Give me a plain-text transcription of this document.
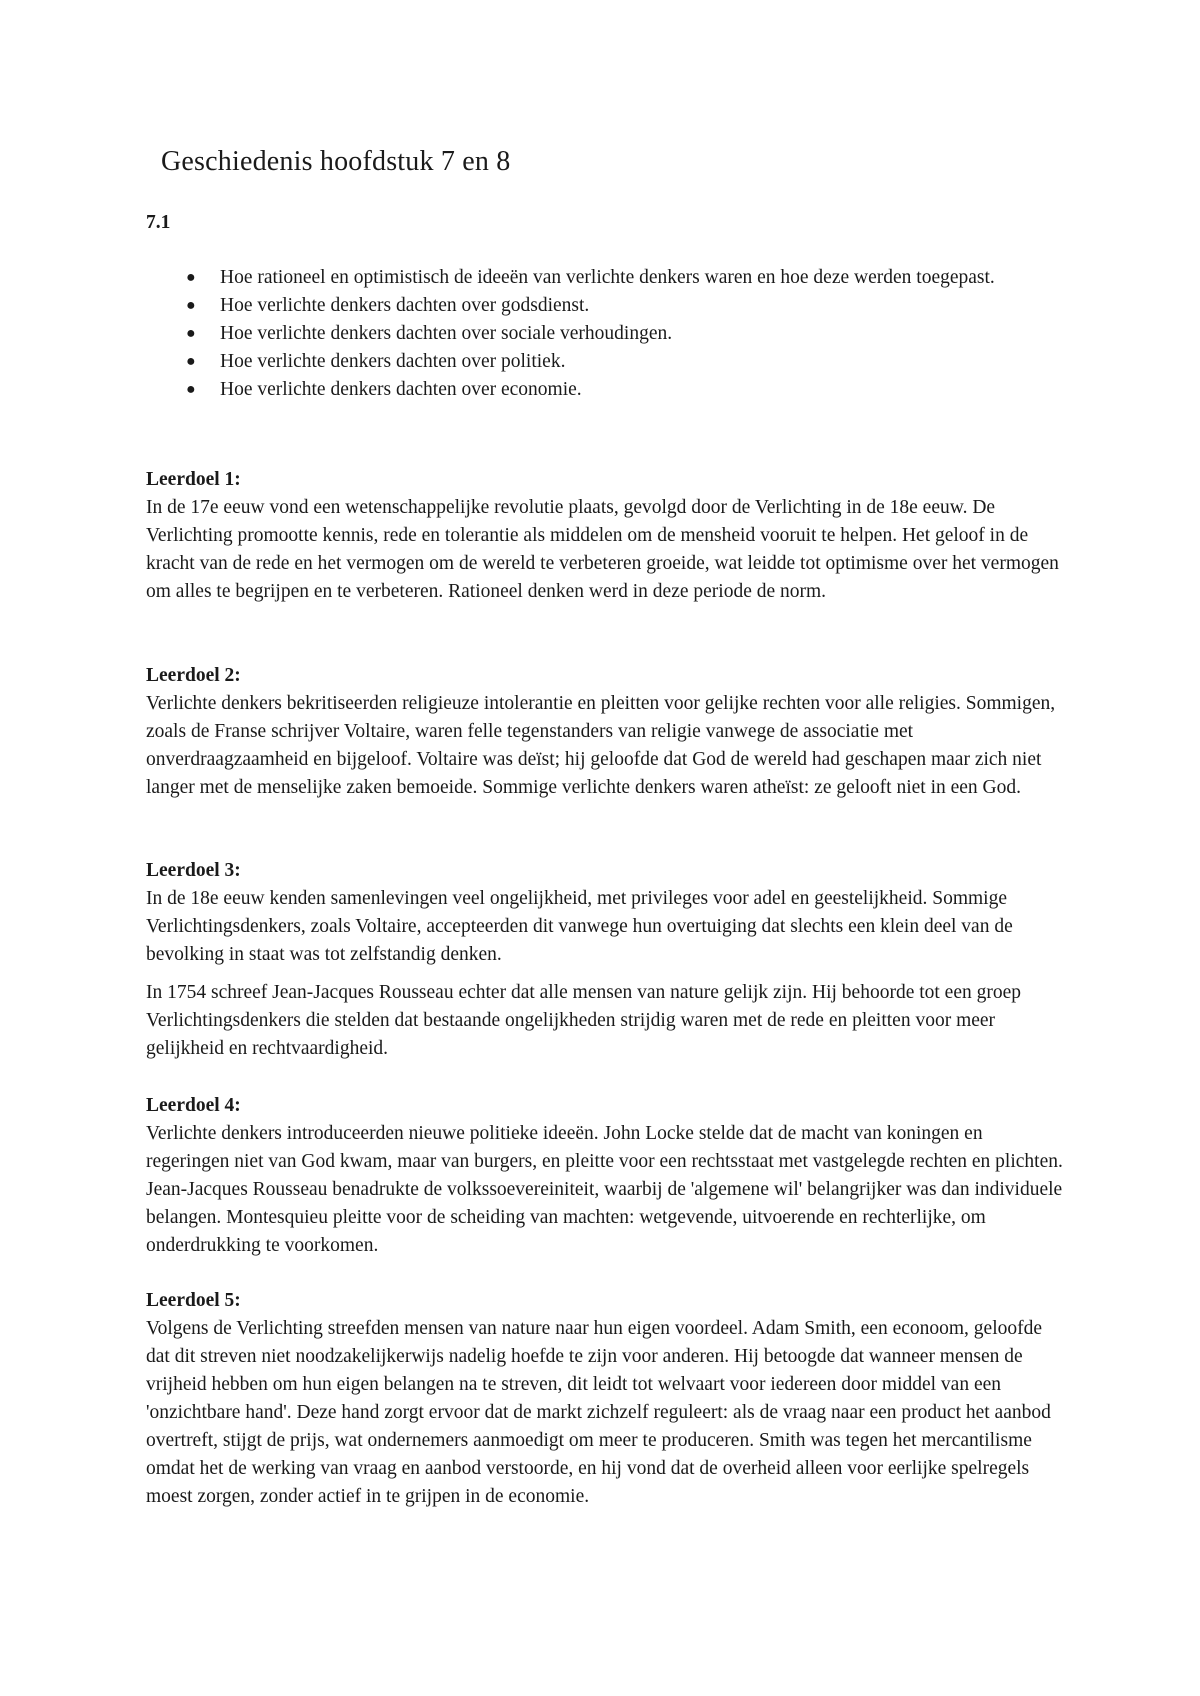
Geschiedenis hoofdstuk 7 en 8
7.1
● Hoe rationeel en optimistisch de ideeën van verlichte denkers waren en hoe deze werden toegepast.
● Hoe verlichte denkers dachten over godsdienst.
● Hoe verlichte denkers dachten over sociale verhoudingen.
● Hoe verlichte denkers dachten over politiek.
● Hoe verlichte denkers dachten over economie.
Leerdoel 1:

In de 17e eeuw vond een wetenschappelijke revolutie plaats, gevolgd door de Verlichting in de 18e eeuw. De Verlichting promootte kennis, rede en tolerantie als middelen om de mensheid vooruit te helpen. Het geloof in de kracht van de rede en het vermogen om de wereld te verbeteren groeide, wat leidde tot optimisme over het vermogen om alles te begrijpen en te verbeteren. Rationeel denken werd in deze periode de norm.

Leerdoel 2:

Verlichte denkers bekritiseerden religieuze intolerantie en pleitten voor gelijke rechten voor alle religies. Sommigen, zoals de Franse schrijver Voltaire, waren felle tegenstanders van religie vanwege de associatie met onverdraagzaamheid en bijgeloof. Voltaire was deïst; hij geloofde dat God de wereld had geschapen maar zich niet langer met de menselijke zaken bemoeide. Sommige verlichte denkers waren atheïst: ze gelooft niet in een God.

Leerdoel 3:

In de 18e eeuw kenden samenlevingen veel ongelijkheid, met privileges voor adel en geestelijkheid. Sommige Verlichtingsdenkers, zoals Voltaire, accepteerden dit vanwege hun overtuiging dat slechts een klein deel van de bevolking in staat was tot zelfstandig denken.

In 1754 schreef Jean-Jacques Rousseau echter dat alle mensen van nature gelijk zijn. Hij behoorde tot een groep Verlichtingsdenkers die stelden dat bestaande ongelijkheden strijdig waren met de rede en pleitten voor meer gelijkheid en rechtvaardigheid.

Leerdoel 4:

Verlichte denkers introduceerden nieuwe politieke ideeën. John Locke stelde dat de macht van koningen en regeringen niet van God kwam, maar van burgers, en pleitte voor een rechtsstaat met vastgelegde rechten en plichten. Jean-Jacques Rousseau benadrukte de volkssoevereiniteit, waarbij de 'algemene wil' belangrijker was dan individuele belangen. Montesquieu pleitte voor de scheiding van machten: wetgevende, uitvoerende en rechterlijke, om onderdrukking te voorkomen.

Leerdoel 5:

Volgens de Verlichting streefden mensen van nature naar hun eigen voordeel. Adam Smith, een econoom, geloofde dat dit streven niet noodzakelijkerwijs nadelig hoefde te zijn voor anderen. Hij betoogde dat wanneer mensen de vrijheid hebben om hun eigen belangen na te streven, dit leidt tot welvaart voor iedereen door middel van een 'onzichtbare hand'. Deze hand zorgt ervoor dat de markt zichzelf reguleert: als de vraag naar een product het aanbod overtreft, stijgt de prijs, wat ondernemers aanmoedigt om meer te produceren. Smith was tegen het mercantilisme omdat het de werking van vraag en aanbod verstoorde, en hij vond dat de overheid alleen voor eerlijke spelregels moest zorgen, zonder actief in te grijpen in de economie.
